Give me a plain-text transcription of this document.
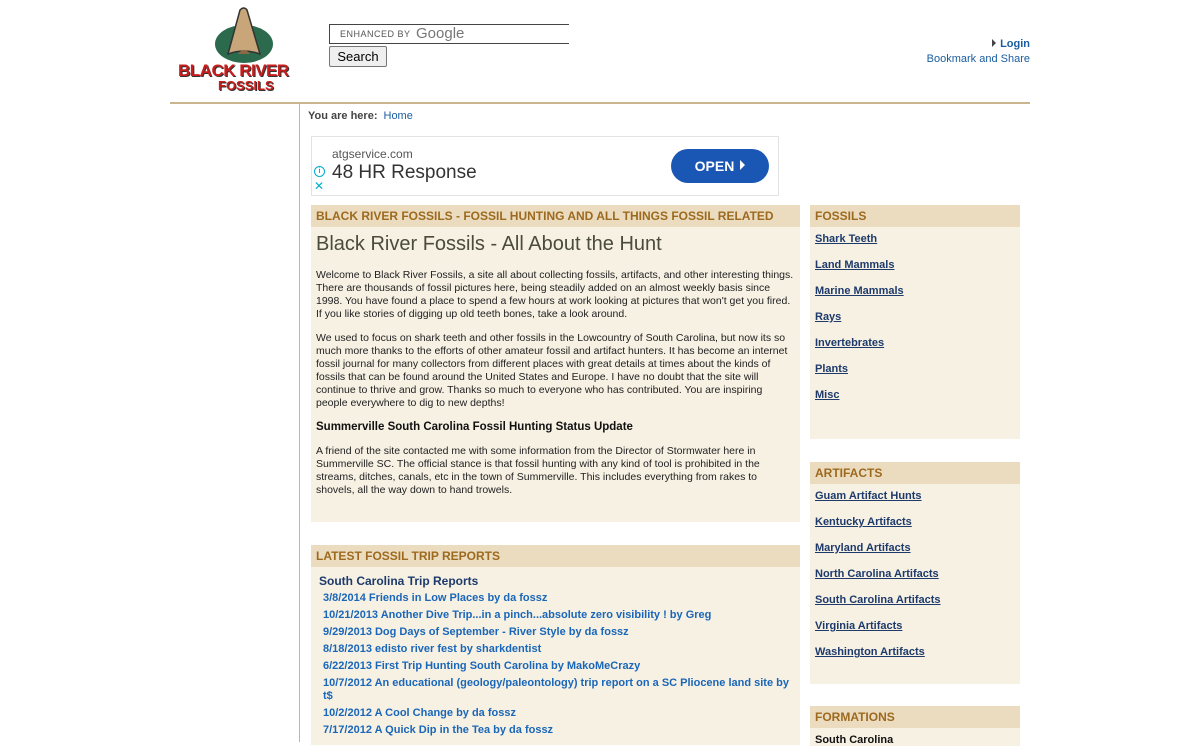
BLACK RIVER
FOSSILS
ENHANCED BY Google
Search
Login
Bookmark and Share
You are here: Home
i
✕
atgservice.com
48 HR Response	OPEN
BLACK RIVER FOSSILS - FOSSIL HUNTING AND ALL THINGS FOSSIL RELATED
Black River Fossils - All About the Hunt

Welcome to Black River Fossils, a site all about collecting fossils, artifacts, and other interesting things. There are thousands of fossil pictures here, being steadily added on an almost weekly basis since 1998. You have found a place to spend a few hours at work looking at pictures that won't get you fired. If you like stories of digging up old teeth bones, take a look around.

We used to focus on shark teeth and other fossils in the Lowcountry of South Carolina, but now its so much more thanks to the efforts of other amateur fossil and artifact hunters. It has become an internet fossil journal for many collectors from different places with great details at times about the kinds of fossils that can be found around the United States and Europe. I have no doubt that the site will continue to thrive and grow. Thanks so much to everyone who has contributed. You are inspiring people everywhere to dig to new depths!

Summerville South Carolina Fossil Hunting Status Update

A friend of the site contacted me with some information from the Director of Stormwater here in Summerville SC. The official stance is that fossil hunting with any kind of tool is prohibited in the streams, ditches, canals, etc in the town of Summerville. This includes everything from rakes to shovels, all the way down to hand trowels.

LATEST FOSSIL TRIP REPORTS
South Carolina Trip Reports
3/8/2014 Friends in Low Places by da fossz
10/21/2013 Another Dive Trip...in a pinch...absolute zero visibility ! by Greg
9/29/2013 Dog Days of September - River Style by da fossz
8/18/2013 edisto river fest by sharkdentist
6/22/2013 First Trip Hunting South Carolina by MakoMeCrazy
10/7/2012 An educational (geology/paleontology) trip report on a SC Pliocene land site by t$
10/2/2012 A Cool Change by da fossz
7/17/2012 A Quick Dip in the Tea by da fossz
FOSSILS
Shark Teeth
Land Mammals
Marine Mammals
Rays
Invertebrates
Plants
Misc
ARTIFACTS
Guam Artifact Hunts
Kentucky Artifacts
Maryland Artifacts
North Carolina Artifacts
South Carolina Artifacts
Virginia Artifacts
Washington Artifacts
FORMATIONS
South Carolina
